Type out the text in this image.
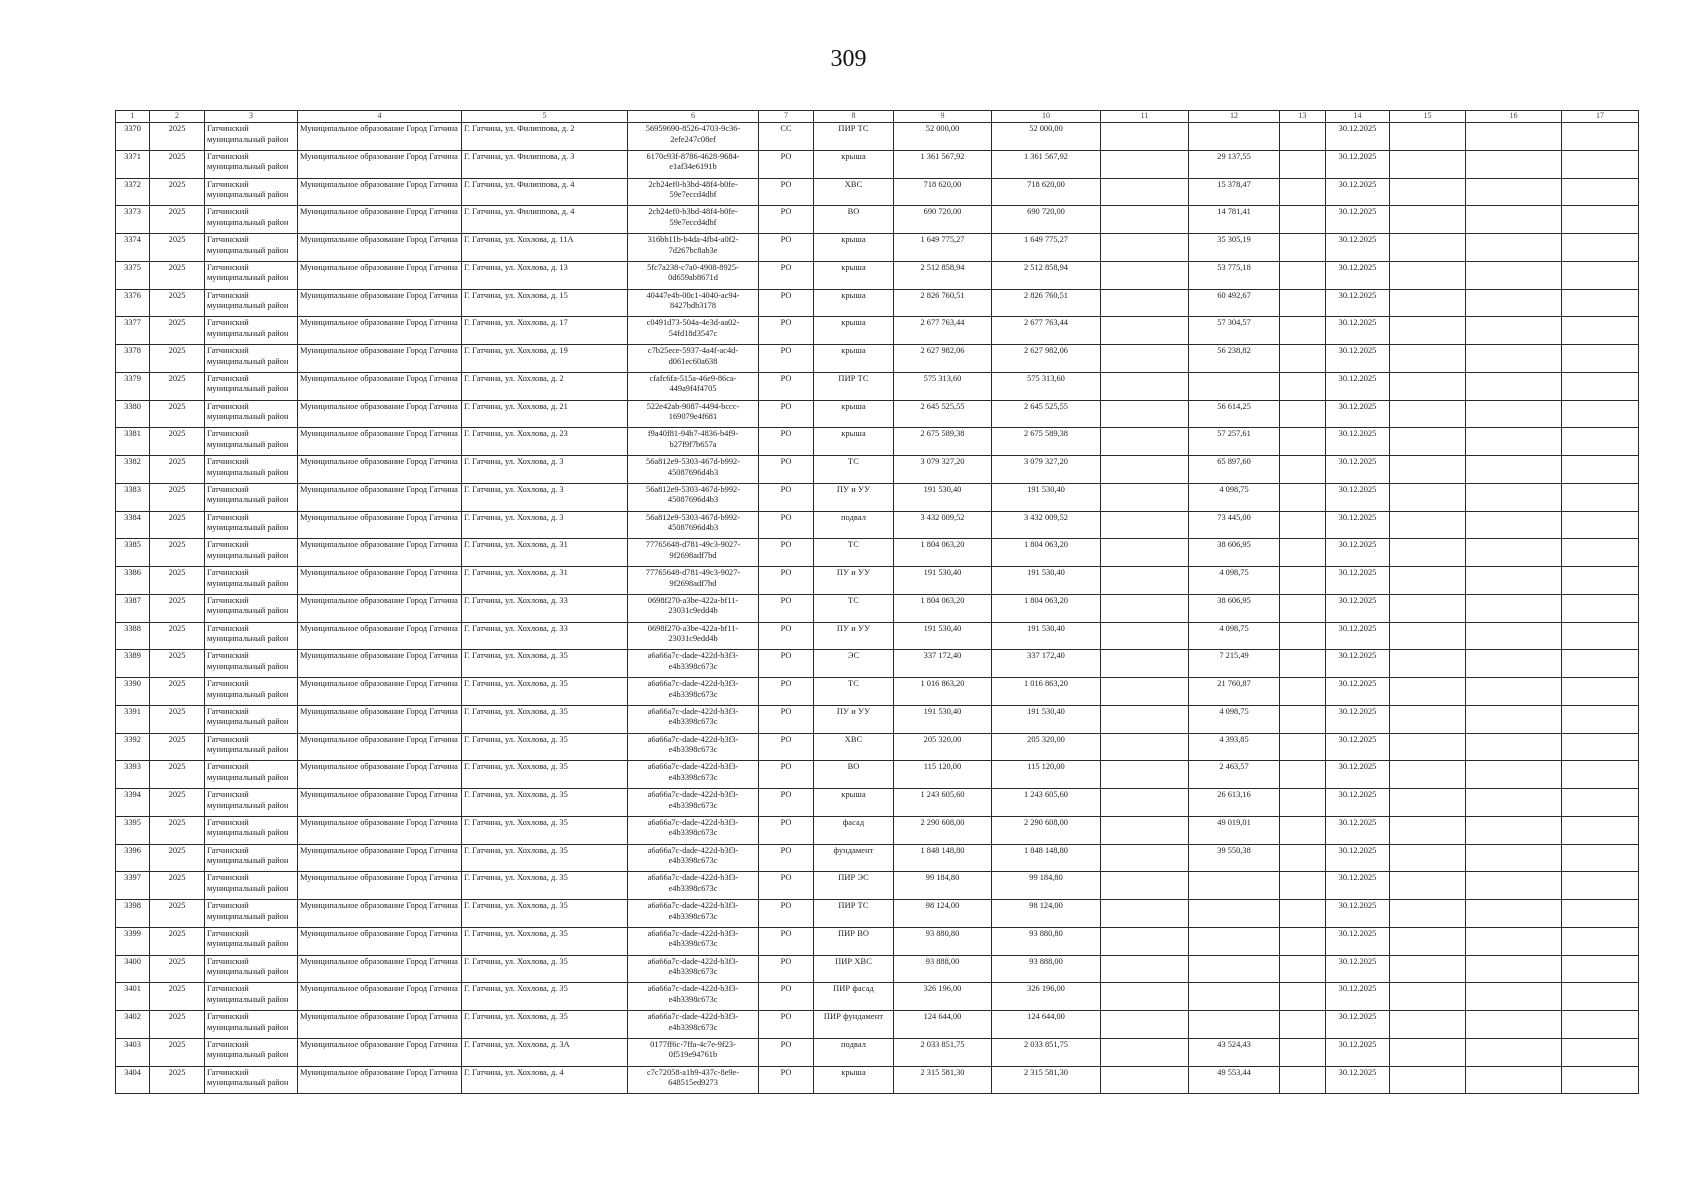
309
1	2	3	4	5	6	7	8	9	10	11	12	13	14	15	16	17
3370	2025	Гатчинский муниципальный район	Муниципальное образование Город Гатчина	Г. Гатчина, ул. Филиппова, д. 2	56959690-8526-4703-9c36-2efe247c08ef	СС	ПИР ТС	52 000,00	52 000,00				30.12.2025			
3371	2025	Гатчинский муниципальный район	Муниципальное образование Город Гатчина	Г. Гатчина, ул. Филиппова, д. 3	6170c93f-8786-4628-9684-e1af34e6191b	РО	крыша	1 361 567,92	1 361 567,92		29 137,55		30.12.2025			
3372	2025	Гатчинский муниципальный район	Муниципальное образование Город Гатчина	Г. Гатчина, ул. Филиппова, д. 4	2cb24ef0-b3bd-48f4-b0fe-59e7eccd4dbf	РО	ХВС	718 620,00	718 620,00		15 378,47		30.12.2025			
3373	2025	Гатчинский муниципальный район	Муниципальное образование Город Гатчина	Г. Гатчина, ул. Филиппова, д. 4	2cb24ef0-b3bd-48f4-b0fe-59e7eccd4dbf	РО	ВО	690 720,00	690 720,00		14 781,41		30.12.2025			
3374	2025	Гатчинский муниципальный район	Муниципальное образование Город Гатчина	Г. Гатчина, ул. Хохлова, д. 11А	316bb11b-b4da-4fb4-a0f2-7d267bc8ab3e	РО	крыша	1 649 775,27	1 649 775,27		35 305,19		30.12.2025			
3375	2025	Гатчинский муниципальный район	Муниципальное образование Город Гатчина	Г. Гатчина, ул. Хохлова, д. 13	5fc7a238-c7a0-4908-8925-0d659ab8671d	РО	крыша	2 512 858,94	2 512 858,94		53 775,18		30.12.2025			
3376	2025	Гатчинский муниципальный район	Муниципальное образование Город Гатчина	Г. Гатчина, ул. Хохлова, д. 15	40447e4b-00c1-4040-ac94-8427bdb3178	РО	крыша	2 826 760,51	2 826 760,51		60 492,67		30.12.2025			
3377	2025	Гатчинский муниципальный район	Муниципальное образование Город Гатчина	Г. Гатчина, ул. Хохлова, д. 17	c0491d73-504a-4e3d-aa02-54fd18d3547c	РО	крыша	2 677 763,44	2 677 763,44		57 304,57		30.12.2025			
3378	2025	Гатчинский муниципальный район	Муниципальное образование Город Гатчина	Г. Гатчина, ул. Хохлова, д. 19	c7b25ece-5937-4a4f-ac4d-d061ec60a638	РО	крыша	2 627 982,06	2 627 982,06		56 238,82		30.12.2025			
3379	2025	Гатчинский муниципальный район	Муниципальное образование Город Гатчина	Г. Гатчина, ул. Хохлова, д. 2	cfafc6fa-515a-46e9-86ca-449a9f4f4705	РО	ПИР ТС	575 313,60	575 313,60				30.12.2025			
3380	2025	Гатчинский муниципальный район	Муниципальное образование Город Гатчина	Г. Гатчина, ул. Хохлова, д. 21	522e42ab-9087-4494-bccc-169079e4f681	РО	крыша	2 645 525,55	2 645 525,55		56 614,25		30.12.2025			
3381	2025	Гатчинский муниципальный район	Муниципальное образование Город Гатчина	Г. Гатчина, ул. Хохлова, д. 23	f9a40f81-94b7-4836-b4f9-b27f9f7b657a	РО	крыша	2 675 589,38	2 675 589,38		57 257,61		30.12.2025			
3382	2025	Гатчинский муниципальный район	Муниципальное образование Город Гатчина	Г. Гатчина, ул. Хохлова, д. 3	56a812e9-5303-467d-b992-45087696d4b3	РО	ТС	3 079 327,20	3 079 327,20		65 897,60		30.12.2025			
3383	2025	Гатчинский муниципальный район	Муниципальное образование Город Гатчина	Г. Гатчина, ул. Хохлова, д. 3	56a812e9-5303-467d-b992-45087696d4b3	РО	ПУ и УУ	191 530,40	191 530,40		4 098,75		30.12.2025			
3384	2025	Гатчинский муниципальный район	Муниципальное образование Город Гатчина	Г. Гатчина, ул. Хохлова, д. 3	56a812e9-5303-467d-b992-45087696d4b3	РО	подвал	3 432 009,52	3 432 009,52		73 445,00		30.12.2025			
3385	2025	Гатчинский муниципальный район	Муниципальное образование Город Гатчина	Г. Гатчина, ул. Хохлова, д. 31	77765648-d781-49c3-9027-9f2698adf7bd	РО	ТС	1 804 063,20	1 804 063,20		38 606,95		30.12.2025			
3386	2025	Гатчинский муниципальный район	Муниципальное образование Город Гатчина	Г. Гатчина, ул. Хохлова, д. 31	77765648-d781-49c3-9027-9f2698adf7bd	РО	ПУ и УУ	191 530,40	191 530,40		4 098,75		30.12.2025			
3387	2025	Гатчинский муниципальный район	Муниципальное образование Город Гатчина	Г. Гатчина, ул. Хохлова, д. 33	0698f270-a3be-422a-bf11-23031c9edd4b	РО	ТС	1 804 063,20	1 804 063,20		38 606,95		30.12.2025			
3388	2025	Гатчинский муниципальный район	Муниципальное образование Город Гатчина	Г. Гатчина, ул. Хохлова, д. 33	0698f270-a3be-422a-bf11-23031c9edd4b	РО	ПУ и УУ	191 530,40	191 530,40		4 098,75		30.12.2025			
3389	2025	Гатчинский муниципальный район	Муниципальное образование Город Гатчина	Г. Гатчина, ул. Хохлова, д. 35	a6a66a7c-dade-422d-b3f3-e4b3398c673c	РО	ЭС	337 172,40	337 172,40		7 215,49		30.12.2025			
3390	2025	Гатчинский муниципальный район	Муниципальное образование Город Гатчина	Г. Гатчина, ул. Хохлова, д. 35	a6a66a7c-dade-422d-b3f3-e4b3398c673c	РО	ТС	1 016 863,20	1 016 863,20		21 760,87		30.12.2025			
3391	2025	Гатчинский муниципальный район	Муниципальное образование Город Гатчина	Г. Гатчина, ул. Хохлова, д. 35	a6a66a7c-dade-422d-b3f3-e4b3398c673c	РО	ПУ и УУ	191 530,40	191 530,40		4 098,75		30.12.2025			
3392	2025	Гатчинский муниципальный район	Муниципальное образование Город Гатчина	Г. Гатчина, ул. Хохлова, д. 35	a6a66a7c-dade-422d-b3f3-e4b3398c673c	РО	ХВС	205 320,00	205 320,00		4 393,85		30.12.2025			
3393	2025	Гатчинский муниципальный район	Муниципальное образование Город Гатчина	Г. Гатчина, ул. Хохлова, д. 35	a6a66a7c-dade-422d-b3f3-e4b3398c673c	РО	ВО	115 120,00	115 120,00		2 463,57		30.12.2025			
3394	2025	Гатчинский муниципальный район	Муниципальное образование Город Гатчина	Г. Гатчина, ул. Хохлова, д. 35	a6a66a7c-dade-422d-b3f3-e4b3398c673c	РО	крыша	1 243 605,60	1 243 605,60		26 613,16		30.12.2025			
3395	2025	Гатчинский муниципальный район	Муниципальное образование Город Гатчина	Г. Гатчина, ул. Хохлова, д. 35	a6a66a7c-dade-422d-b3f3-e4b3398c673c	РО	фасад	2 290 608,00	2 290 608,00		49 019,01		30.12.2025			
3396	2025	Гатчинский муниципальный район	Муниципальное образование Город Гатчина	Г. Гатчина, ул. Хохлова, д. 35	a6a66a7c-dade-422d-b3f3-e4b3398c673c	РО	фундамент	1 848 148,80	1 848 148,80		39 550,38		30.12.2025			
3397	2025	Гатчинский муниципальный район	Муниципальное образование Город Гатчина	Г. Гатчина, ул. Хохлова, д. 35	a6a66a7c-dade-422d-b3f3-e4b3398c673c	РО	ПИР ЭС	99 184,80	99 184,80				30.12.2025			
3398	2025	Гатчинский муниципальный район	Муниципальное образование Город Гатчина	Г. Гатчина, ул. Хохлова, д. 35	a6a66a7c-dade-422d-b3f3-e4b3398c673c	РО	ПИР ТС	98 124,00	98 124,00				30.12.2025			
3399	2025	Гатчинский муниципальный район	Муниципальное образование Город Гатчина	Г. Гатчина, ул. Хохлова, д. 35	a6a66a7c-dade-422d-b3f3-e4b3398c673c	РО	ПИР ВО	93 880,80	93 880,80				30.12.2025			
3400	2025	Гатчинский муниципальный район	Муниципальное образование Город Гатчина	Г. Гатчина, ул. Хохлова, д. 35	a6a66a7c-dade-422d-b3f3-e4b3398c673c	РО	ПИР ХВС	93 888,00	93 888,00				30.12.2025			
3401	2025	Гатчинский муниципальный район	Муниципальное образование Город Гатчина	Г. Гатчина, ул. Хохлова, д. 35	a6a66a7c-dade-422d-b3f3-e4b3398c673c	РО	ПИР фасад	326 196,00	326 196,00				30.12.2025			
3402	2025	Гатчинский муниципальный район	Муниципальное образование Город Гатчина	Г. Гатчина, ул. Хохлова, д. 35	a6a66a7c-dade-422d-b3f3-e4b3398c673c	РО	ПИР фундамент	124 644,00	124 644,00				30.12.2025			
3403	2025	Гатчинский муниципальный район	Муниципальное образование Город Гатчина	Г. Гатчина, ул. Хохлова, д. 3А	0177ff6c-7ffa-4c7e-9f23-0f519e94761b	РО	подвал	2 033 851,75	2 033 851,75		43 524,43		30.12.2025			
3404	2025	Гатчинский муниципальный район	Муниципальное образование Город Гатчина	Г. Гатчина, ул. Хохлова, д. 4	c7c72058-a1b9-437c-8e9e-648515ed9273	РО	крыша	2 315 581,30	2 315 581,30		49 553,44		30.12.2025			
